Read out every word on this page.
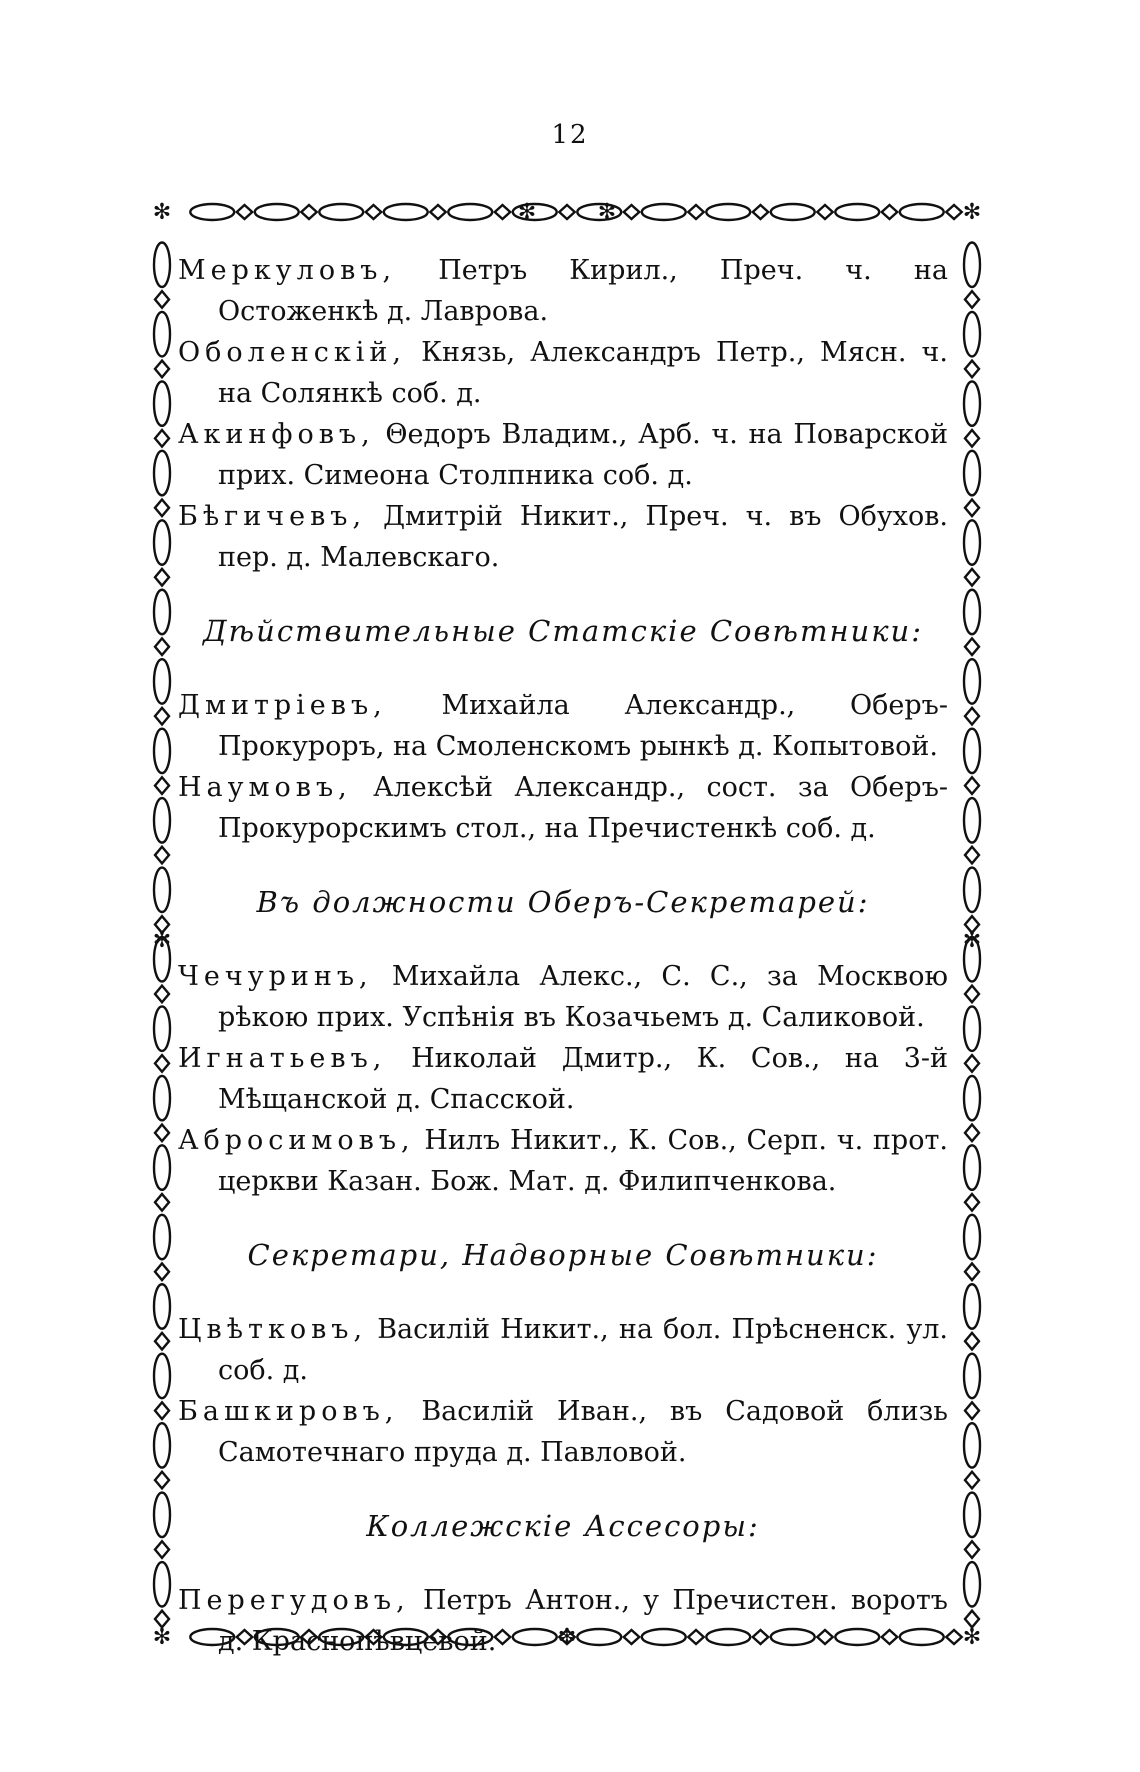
12
✻	✻
✻	✻
✻	✻
✻
✻	✻

Меркуловъ, Петръ Кирил., Преч. ч. на Остоженкѣ д. Лаврова.

Оболенскій, Князь, Александръ Петр., Мясн. ч. на Солянкѣ соб. д.

Акинфовъ, Θедоръ Владим., Арб. ч. на Поварской прих. Симеона Столпника соб. д.

Бѣгичевъ, Дмитрій Никит., Преч. ч. въ Обухов. пер. д. Малевскаго.

Дѣйствительные Статскіе Совѣтники:

Дмитріевъ, Михайла Александр., Оберъ-Прокуроръ, на Смоленскомъ рынкѣ д. Копытовой.

Наумовъ, Алексѣй Александр., сост. за Оберъ-Прокурорскимъ стол., на Пречистенкѣ соб. д.

Въ должности Оберъ-Секретарей:

Чечуринъ, Михайла Алекс., С. С., за Москвою рѣкою прих. Успѣнія въ Козачьемъ д. Саликовой.

Игнатьевъ, Николай Дмитр., К. Сов., на 3-й Мѣщанской д. Спасской.

Абросимовъ, Нилъ Никит., К. Сов., Серп. ч. прот. церкви Казан. Бож. Мат. д. Филипченкова.

Секретари, Надворные Совѣтники:

Цвѣтковъ, Василій Никит., на бол. Прѣсненск. ул. соб. д.

Башкировъ, Василій Иван., въ Садовой близь Самотечнаго пруда д. Павловой.

Коллежскіе Ассесоры:

Перегудовъ, Петръ Антон., у Пречистен. воротъ д. Краснопѣвцевой.
